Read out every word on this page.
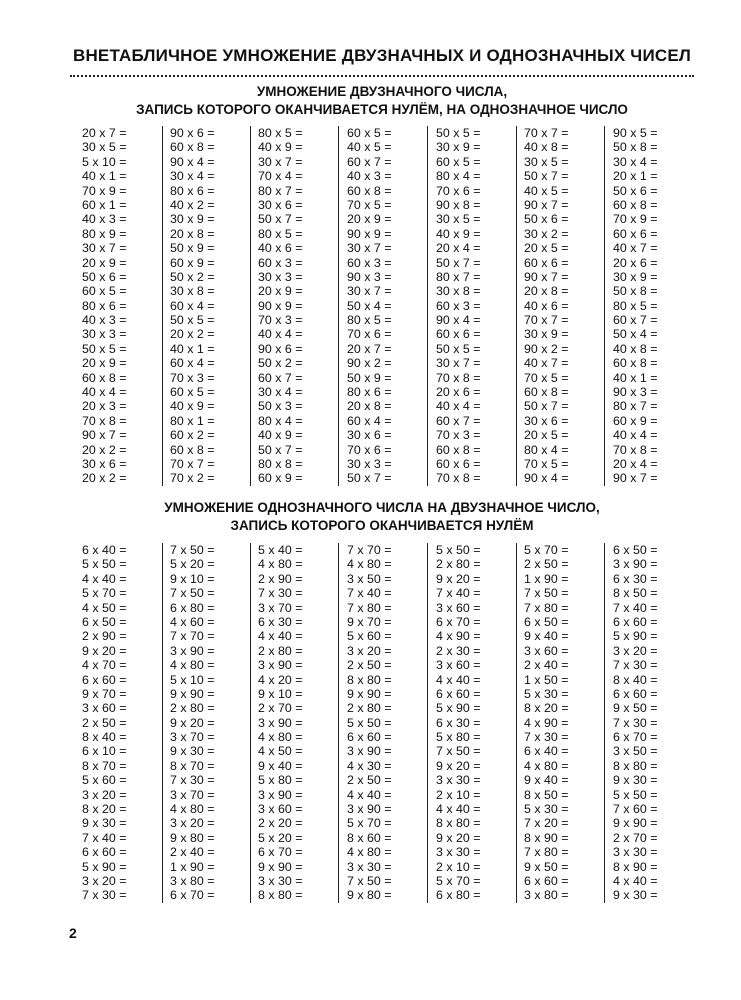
ВНЕТАБЛИЧНОЕ УМНОЖЕНИЕ ДВУЗНАЧНЫХ И ОДНОЗНАЧНЫХ ЧИСЕЛ
УМНОЖЕНИЕ ДВУЗНАЧНОГО ЧИСЛА,
ЗАПИСЬ КОТОРОГО ОКАНЧИВАЕТСЯ НУЛЁМ, НА ОДНОЗНАЧНОЕ ЧИСЛО
20 x 7 =
30 x 5 =
5 x 10 =
40 x 1 =
70 x 9 =
60 x 1 =
40 x 3 =
80 x 9 =
30 x 7 =
20 x 9 =
50 x 6 =
60 x 5 =
80 x 6 =
40 x 3 =
30 x 3 =
50 x 5 =
20 x 9 =
60 x 8 =
40 x 4 =
20 x 3 =
70 x 8 =
90 x 7 =
20 x 2 =
30 x 6 =
20 x 2 =
90 x 6 =
60 x 8 =
90 x 4 =
30 x 4 =
80 x 6 =
40 x 2 =
30 x 9 =
20 x 8 =
50 x 9 =
60 x 9 =
50 x 2 =
30 x 8 =
60 x 4 =
50 x 5 =
20 x 2 =
40 x 1 =
60 x 4 =
70 x 3 =
60 x 5 =
40 x 9 =
80 x 1 =
60 x 2 =
60 x 8 =
70 x 7 =
70 x 2 =
80 x 5 =
40 x 9 =
30 x 7 =
70 x 4 =
80 x 7 =
30 x 6 =
50 x 7 =
80 x 5 =
40 x 6 =
60 x 3 =
30 x 3 =
20 x 9 =
90 x 9 =
70 x 3 =
40 x 4 =
90 x 6 =
50 x 2 =
60 x 7 =
30 x 4 =
50 x 3 =
80 x 4 =
40 x 9 =
50 x 7 =
80 x 8 =
60 x 9 =
60 x 5 =
40 x 5 =
60 x 7 =
40 x 3 =
60 x 8 =
70 x 5 =
20 x 9 =
90 x 9 =
30 x 7 =
60 x 3 =
90 x 3 =
30 x 7 =
50 x 4 =
80 x 5 =
70 x 6 =
20 x 7 =
90 x 2 =
50 x 9 =
80 x 6 =
20 x 8 =
60 x 4 =
30 x 6 =
70 x 6 =
30 x 3 =
50 x 7 =
50 x 5 =
30 x 9 =
60 x 5 =
80 x 4 =
70 x 6 =
90 x 8 =
30 x 5 =
40 x 9 =
20 x 4 =
50 x 7 =
80 x 7 =
30 x 8 =
60 x 3 =
90 x 4 =
60 x 6 =
50 x 5 =
30 x 7 =
70 x 8 =
20 x 6 =
40 x 4 =
60 x 7 =
70 x 3 =
60 x 8 =
60 x 6 =
70 x 8 =
70 x 7 =
40 x 8 =
30 x 5 =
50 x 7 =
40 x 5 =
90 x 7 =
50 x 6 =
30 x 2 =
20 x 5 =
60 x 6 =
90 x 7 =
20 x 8 =
40 x 6 =
70 x 7 =
30 x 9 =
90 x 2 =
40 x 7 =
70 x 5 =
60 x 8 =
50 x 7 =
30 x 6 =
20 x 5 =
80 x 4 =
70 x 5 =
90 x 4 =
90 x 5 =
50 x 8 =
30 x 4 =
20 x 1 =
50 x 6 =
60 x 8 =
70 x 9 =
60 x 6 =
40 x 7 =
20 x 6 =
30 x 9 =
50 x 8 =
80 x 5 =
60 x 7 =
50 x 4 =
40 x 8 =
60 x 8 =
40 x 1 =
90 x 3 =
80 x 7 =
60 x 9 =
40 x 4 =
70 x 8 =
20 x 4 =
90 x 7 =
УМНОЖЕНИЕ ОДНОЗНАЧНОГО ЧИСЛА НА ДВУЗНАЧНОЕ ЧИСЛО,
ЗАПИСЬ КОТОРОГО ОКАНЧИВАЕТСЯ НУЛЁМ
6 x 40 =
5 x 50 =
4 x 40 =
5 x 70 =
4 x 50 =
6 x 50 =
2 x 90 =
9 x 20 =
4 x 70 =
6 x 60 =
9 x 70 =
3 x 60 =
2 x 50 =
8 x 40 =
6 x 10 =
8 x 70 =
5 x 60 =
3 x 20 =
8 x 20 =
9 x 30 =
7 x 40 =
6 x 60 =
5 x 90 =
3 x 20 =
7 x 30 =
7 x 50 =
5 x 20 =
9 x 10 =
7 x 50 =
6 x 80 =
4 x 60 =
7 x 70 =
3 x 90 =
4 x 80 =
5 x 10 =
9 x 90 =
2 x 80 =
9 x 20 =
3 x 70 =
9 x 30 =
8 x 70 =
7 x 30 =
3 x 70 =
4 x 80 =
3 x 20 =
9 x 80 =
2 x 40 =
1 x 90 =
3 x 80 =
6 x 70 =
5 x 40 =
4 x 80 =
2 x 90 =
7 x 30 =
3 x 70 =
6 x 30 =
4 x 40 =
2 x 80 =
3 x 90 =
4 x 20 =
9 x 10 =
2 x 70 =
3 x 90 =
4 x 80 =
4 x 50 =
9 x 40 =
5 x 80 =
3 x 90 =
3 x 60 =
2 x 20 =
5 x 20 =
6 x 70 =
9 x 90 =
3 x 30 =
8 x 80 =
7 x 70 =
4 x 80 =
3 x 50 =
7 x 40 =
7 x 80 =
9 x 70 =
5 x 60 =
3 x 20 =
2 x 50 =
8 x 80 =
9 x 90 =
2 x 80 =
5 x 50 =
6 x 60 =
3 x 90 =
4 x 30 =
2 x 50 =
4 x 40 =
3 x 90 =
5 x 70 =
8 x 60 =
4 x 80 =
3 x 30 =
7 x 50 =
9 x 80 =
5 x 50 =
2 x 80 =
9 x 20 =
7 x 40 =
3 x 60 =
6 x 70 =
4 x 90 =
2 x 30 =
3 x 60 =
4 x 40 =
6 x 60 =
5 x 90 =
6 x 30 =
5 x 80 =
7 x 50 =
9 x 20 =
3 x 30 =
2 x 10 =
4 x 40 =
8 x 80 =
9 x 20 =
3 x 30 =
2 x 10 =
5 x 70 =
6 x 80 =
5 x 70 =
2 x 50 =
1 x 90 =
7 x 50 =
7 x 80 =
6 x 50 =
9 x 40 =
3 x 60 =
2 x 40 =
1 x 50 =
5 x 30 =
8 x 20 =
4 x 90 =
7 x 30 =
6 x 40 =
4 x 80 =
9 x 40 =
8 x 50 =
5 x 30 =
7 x 20 =
8 x 90 =
7 x 80 =
9 x 50 =
6 x 60 =
3 x 80 =
6 x 50 =
3 x 90 =
6 x 30 =
8 x 50 =
7 x 40 =
6 x 60 =
5 x 90 =
3 x 20 =
7 x 30 =
8 x 40 =
6 x 60 =
9 x 50 =
7 x 30 =
6 x 70 =
3 x 50 =
8 x 80 =
9 x 30 =
5 x 50 =
7 x 60 =
9 x 90 =
2 x 70 =
3 x 30 =
8 x 90 =
4 x 40 =
9 x 30 =
2
